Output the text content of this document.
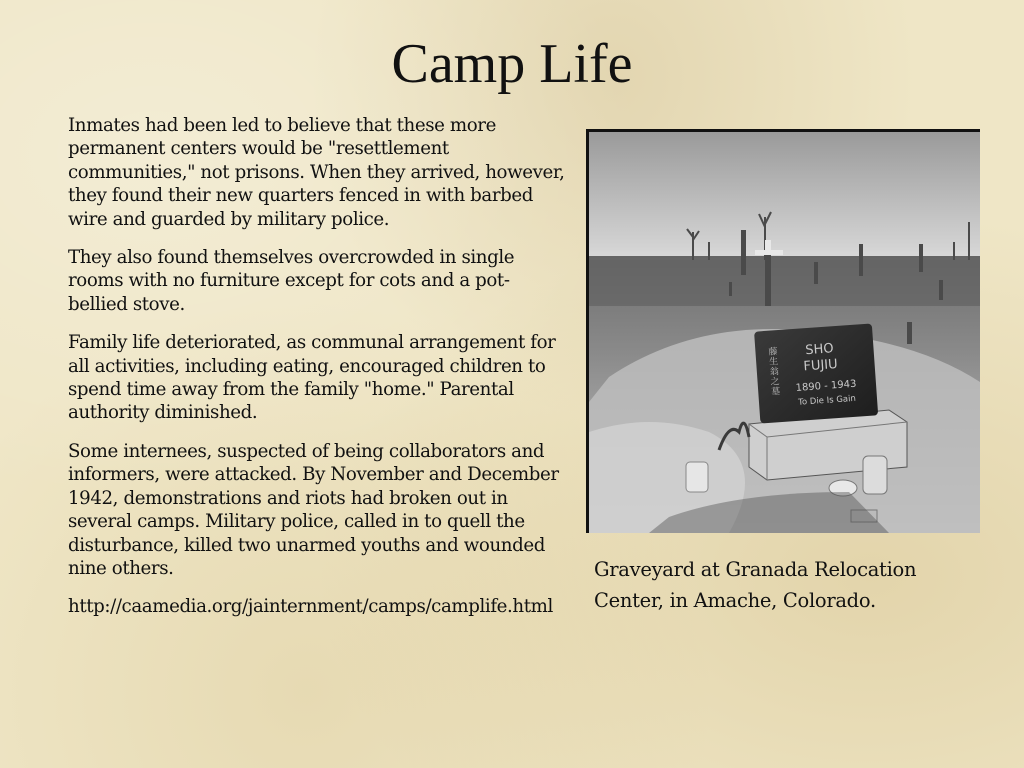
Camp Life

Inmates had been led to believe that these more permanent centers would be "resettlement communities," not prisons. When they arrived, however, they found their new quarters fenced in with barbed wire and guarded by military police.

They also found themselves overcrowded in single rooms with no furniture except for cots and a pot-bellied stove.

Family life deteriorated, as communal arrangement for all activities, including eating, encouraged children to spend time away from the family "home." Parental authority diminished.

Some internees, suspected of being collaborators and informers, were attacked. By November and December 1942, demonstrations and riots had broken out in several camps. Military police, called in to quell the disturbance, killed two unarmed youths and wounded nine others.

http://caamedia.org/jainternment/camps/camplife.html

藤生翁之墓 SHO
FUJIU
1890 - 1943
To Die Is Gain
Graveyard at Granada Relocation Center, in Amache, Colorado.
